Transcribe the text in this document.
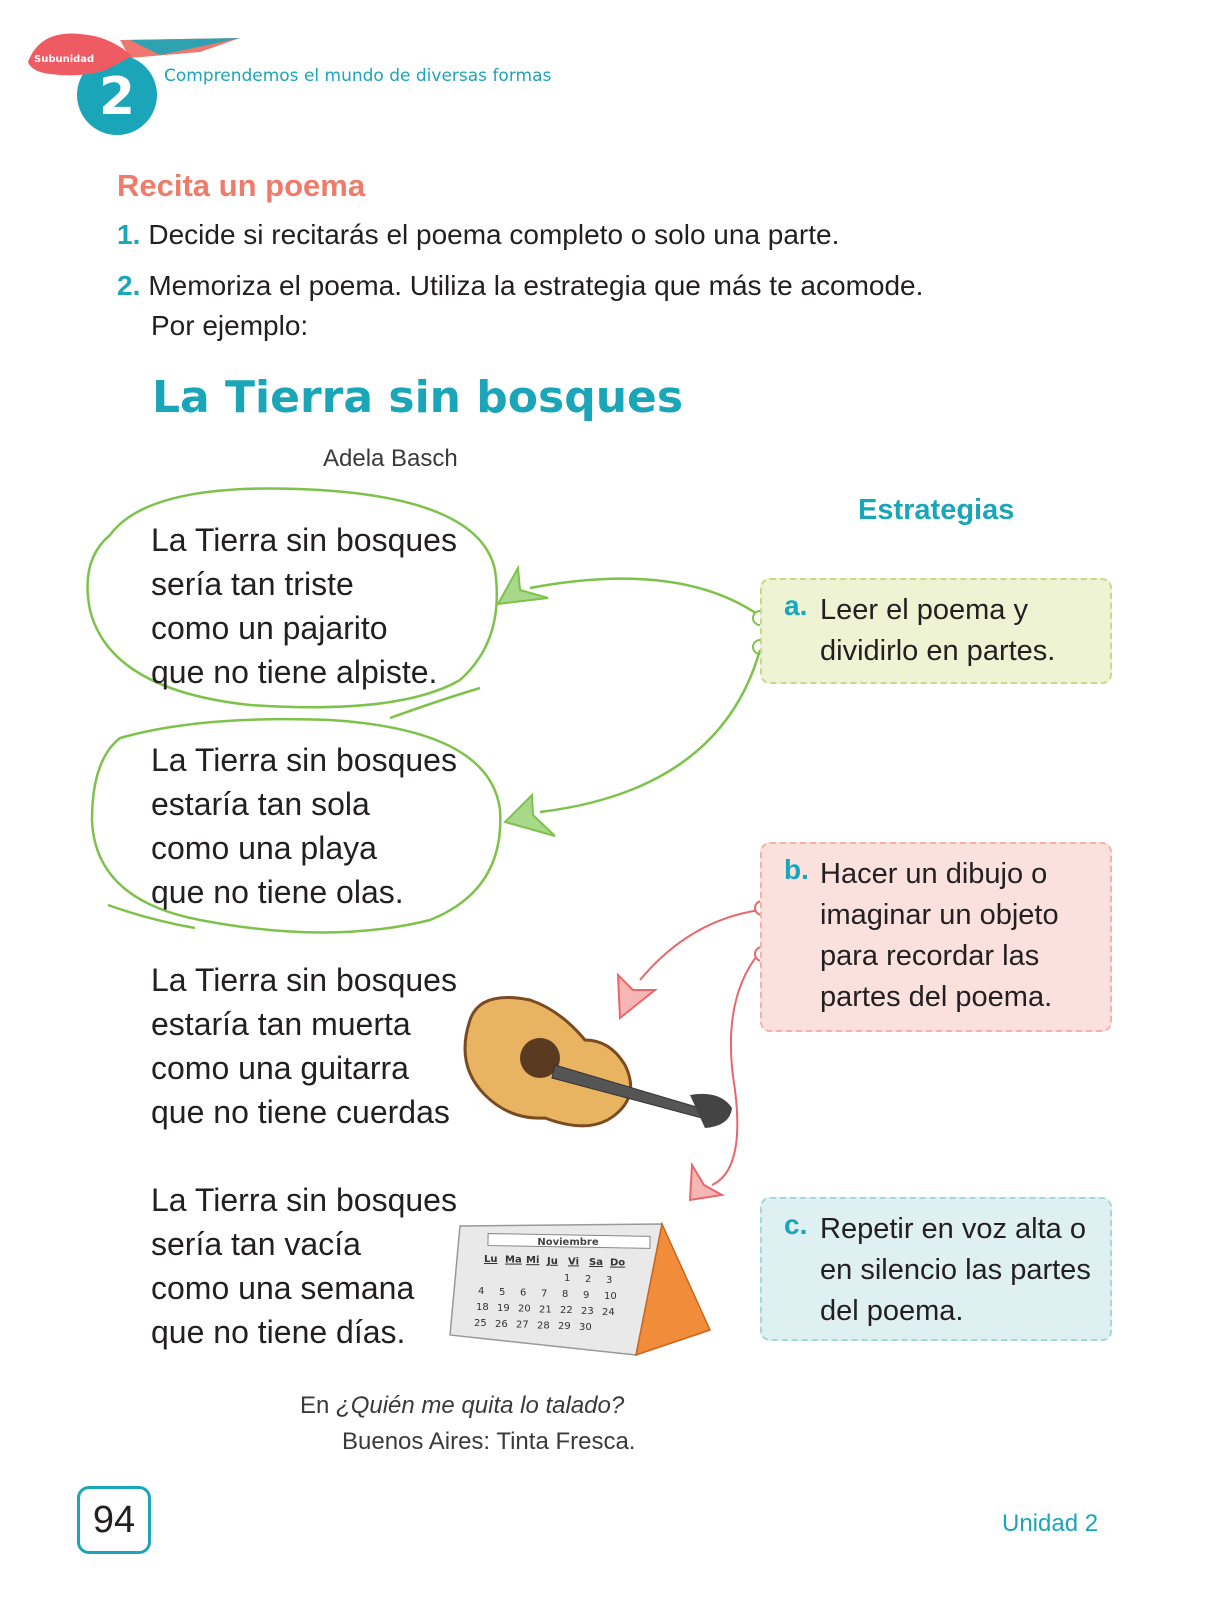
Subunidad
2	Comprendemos el mundo de diversas formas
Recita un poema
1. Decide si recitarás el poema completo o solo una parte.
2. Memoriza el poema. Utiliza la estrategia que más te acomode.
Por ejemplo:
La Tierra sin bosques
Adela Basch
Noviembre
Lu Ma Mi Ju Vi Sa Do
1 2 3
4 5 6 7 8 9 10
18 19 20 21 22 23 24
25 26 27 28 29 30
La Tierra sin bosques
sería tan triste
como un pajarito
que no tiene alpiste.
La Tierra sin bosques
estaría tan sola
como una playa
que no tiene olas.
La Tierra sin bosques
estaría tan muerta
como una guitarra
que no tiene cuerdas
La Tierra sin bosques
sería tan vacía
como una semana
que no tiene días.
Estrategias
a. Leer el poema y
dividirlo en partes.
b. Hacer un dibujo o
imaginar un objeto
para recordar las
partes del poema.
c. Repetir en voz alta o
en silencio las partes
del poema.
En ¿Quién me quita lo talado?
Buenos Aires: Tinta Fresca.
94	Unidad 2
